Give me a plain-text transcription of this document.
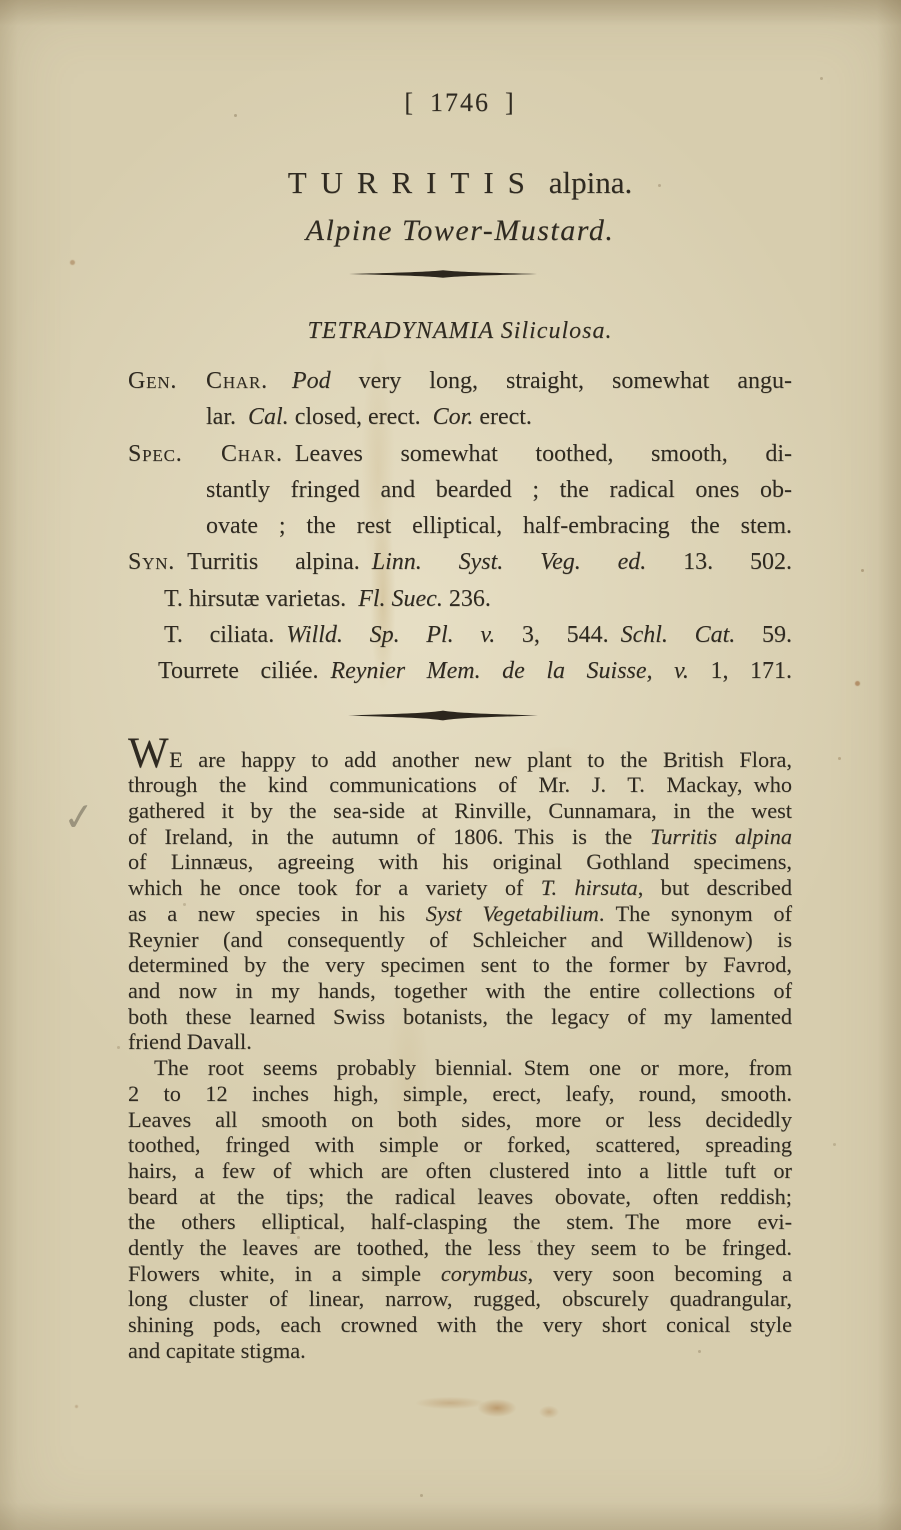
✓
[ 1746 ]
TURRITIS alpina.
Alpine Tower-Mustard.
TETRADYNAMIA Siliculosa.
Gen. Char.   Pod very long, straight, somewhat angu-
lar. Cal. closed, erect. Cor. erect.
Spec. Char. Leaves somewhat toothed, smooth, di-
stantly fringed and bearded ; the radical ones ob-
ovate ; the rest elliptical, half-embracing the stem.
Syn. Turritis alpina. Linn. Syst. Veg. ed. 13. 502.
T. hirsutæ varietas. Fl. Suec. 236.
T. ciliata. Willd. Sp. Pl. v. 3, 544. Schl. Cat. 59.
Tourrete ciliée. Reynier Mem. de la Suisse, v. 1, 171.
WE are happy to add another new plant to the British Flora,
through the kind communications of Mr. J. T. Mackay, who
gathered it by the sea-side at Rinville, Cunnamara, in the west
of Ireland, in the autumn of 1806. This is the Turritis alpina
of Linnæus, agreeing with his original Gothland specimens,
which he once took for a variety of T. hirsuta, but described
as a new species in his Syst Vegetabilium. The synonym of
Reynier (and consequently of Schleicher and Willdenow) is
determined by the very specimen sent to the former by Favrod,
and now in my hands, together with the entire collections of
both these learned Swiss botanists, the legacy of my lamented
friend Davall.
The root seems probably biennial. Stem one or more, from
2 to 12 inches high, simple, erect, leafy, round, smooth.
Leaves all smooth on both sides, more or less decidedly
toothed, fringed with simple or forked, scattered, spreading
hairs, a few of which are often clustered into a little tuft or
beard at the tips; the radical leaves obovate, often reddish;
the others elliptical, half-clasping the stem. The more evi-
dently the leaves are toothed, the less they seem to be fringed.
Flowers white, in a simple corymbus, very soon becoming a
long cluster of linear, narrow, rugged, obscurely quadrangular,
shining pods, each crowned with the very short conical style
and capitate stigma.
